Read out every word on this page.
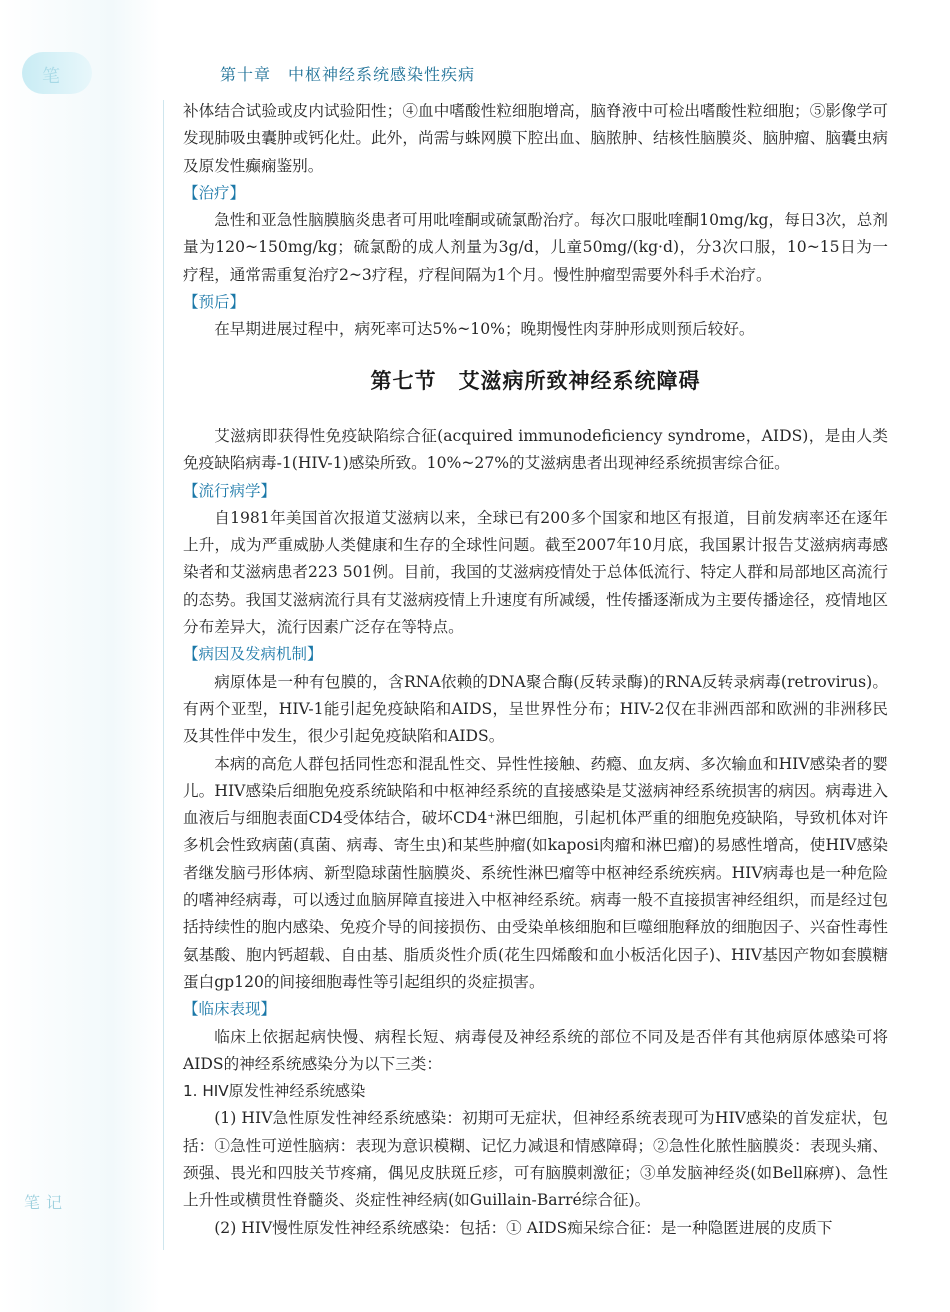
笔	第十章　中枢神经系统感染性疾病
笔记

补体结合试验或皮内试验阳性；④血中嗜酸性粒细胞增高，脑脊液中可检出嗜酸性粒细胞；⑤影像学可发现肺吸虫囊肿或钙化灶。此外，尚需与蛛网膜下腔出血、脑脓肿、结核性脑膜炎、脑肿瘤、脑囊虫病及原发性癫痫鉴别。

【治疗】

急性和亚急性脑膜脑炎患者可用吡喹酮或硫氯酚治疗。每次口服吡喹酮10mg/kg，每日3次，总剂量为120~150mg/kg；硫氯酚的成人剂量为3g/d，儿童50mg/(kg·d)，分3次口服，10~15日为一疗程，通常需重复治疗2~3疗程，疗程间隔为1个月。慢性肿瘤型需要外科手术治疗。

【预后】

在早期进展过程中，病死率可达5%~10%；晚期慢性肉芽肿形成则预后较好。

第七节　艾滋病所致神经系统障碍

艾滋病即获得性免疫缺陷综合征(acquired immunodeficiency syndrome，AIDS)，是由人类免疫缺陷病毒-1(HIV-1)感染所致。10%~27%的艾滋病患者出现神经系统损害综合征。

【流行病学】

自1981年美国首次报道艾滋病以来，全球已有200多个国家和地区有报道，目前发病率还在逐年上升，成为严重威胁人类健康和生存的全球性问题。截至2007年10月底，我国累计报告艾滋病病毒感染者和艾滋病患者223 501例。目前，我国的艾滋病疫情处于总体低流行、特定人群和局部地区高流行的态势。我国艾滋病流行具有艾滋病疫情上升速度有所减缓，性传播逐渐成为主要传播途径，疫情地区分布差异大，流行因素广泛存在等特点。

【病因及发病机制】

病原体是一种有包膜的，含RNA依赖的DNA聚合酶(反转录酶)的RNA反转录病毒(retrovirus)。有两个亚型，HIV-1能引起免疫缺陷和AIDS，呈世界性分布；HIV-2仅在非洲西部和欧洲的非洲移民及其性伴中发生，很少引起免疫缺陷和AIDS。

本病的高危人群包括同性恋和混乱性交、异性性接触、药瘾、血友病、多次输血和HIV感染者的婴儿。HIV感染后细胞免疫系统缺陷和中枢神经系统的直接感染是艾滋病神经系统损害的病因。病毒进入血液后与细胞表面CD4受体结合，破坏CD4⁺淋巴细胞，引起机体严重的细胞免疫缺陷，导致机体对许多机会性致病菌(真菌、病毒、寄生虫)和某些肿瘤(如kaposi肉瘤和淋巴瘤)的易感性增高，使HIV感染者继发脑弓形体病、新型隐球菌性脑膜炎、系统性淋巴瘤等中枢神经系统疾病。HIV病毒也是一种危险的嗜神经病毒，可以透过血脑屏障直接进入中枢神经系统。病毒一般不直接损害神经组织，而是经过包括持续性的胞内感染、免疫介导的间接损伤、由受染单核细胞和巨噬细胞释放的细胞因子、兴奋性毒性氨基酸、胞内钙超载、自由基、脂质炎性介质(花生四烯酸和血小板活化因子)、HIV基因产物如套膜糖蛋白gp120的间接细胞毒性等引起组织的炎症损害。

【临床表现】

临床上依据起病快慢、病程长短、病毒侵及神经系统的部位不同及是否伴有其他病原体感染可将AIDS的神经系统感染分为以下三类：

1. HIV原发性神经系统感染

(1) HIV急性原发性神经系统感染：初期可无症状，但神经系统表现可为HIV感染的首发症状，包括：①急性可逆性脑病：表现为意识模糊、记忆力减退和情感障碍；②急性化脓性脑膜炎：表现头痛、颈强、畏光和四肢关节疼痛，偶见皮肤斑丘疹，可有脑膜刺激征；③单发脑神经炎(如Bell麻痹)、急性上升性或横贯性脊髓炎、炎症性神经病(如Guillain-Barré综合征)。

(2) HIV慢性原发性神经系统感染：包括：① AIDS痴呆综合征：是一种隐匿进展的皮质下
